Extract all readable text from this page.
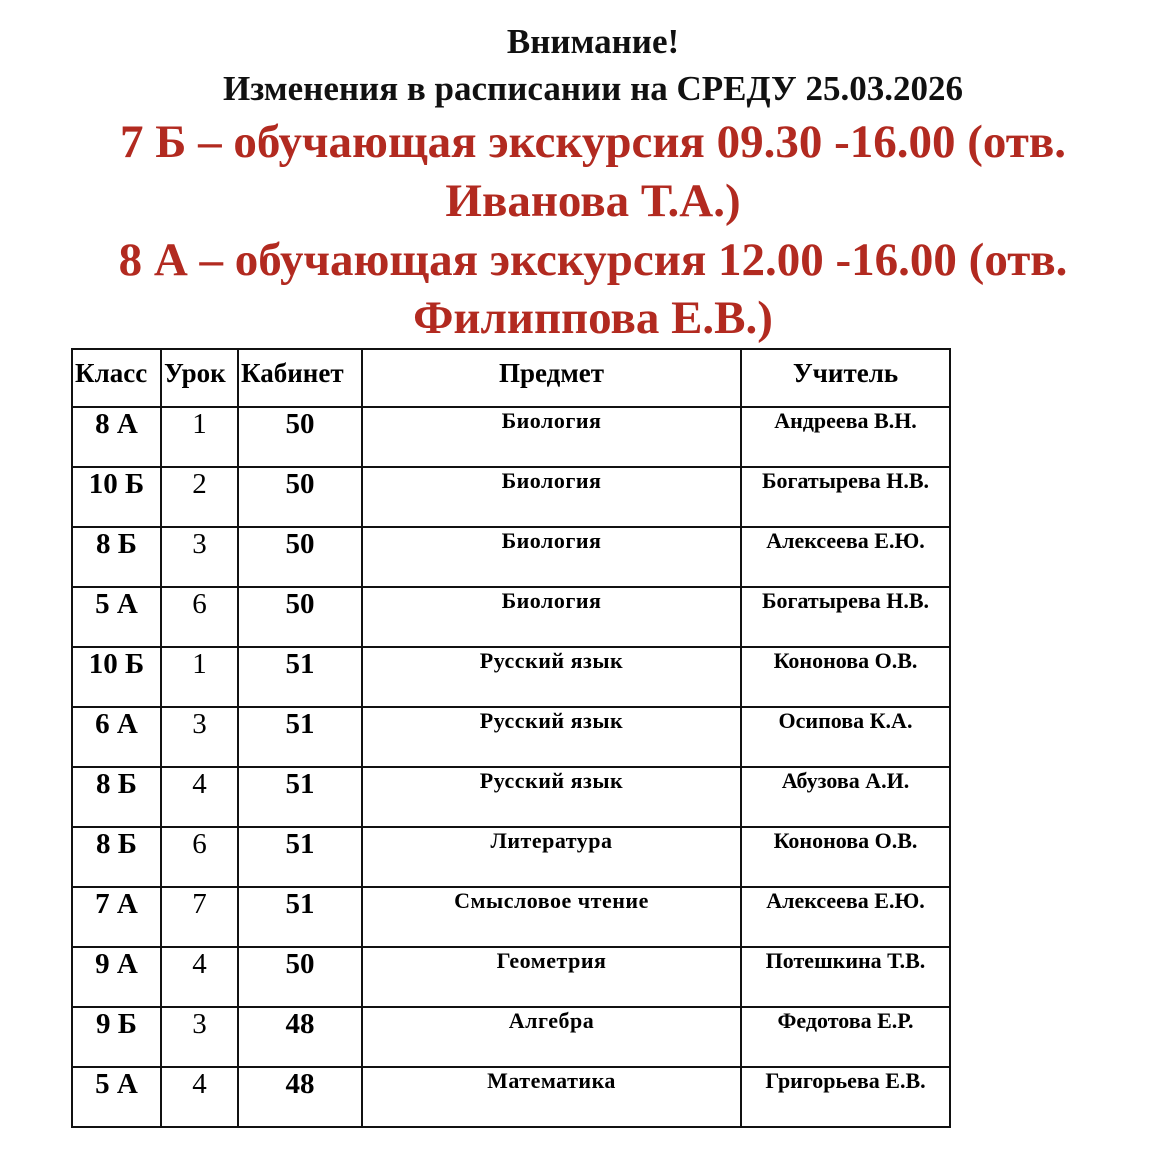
Внимание!
Изменения в расписании на СРЕДУ 25.03.2026
7 Б – обучающая экскурсия 09.30 -16.00 (отв.
Иванова Т.А.)
8 А – обучающая экскурсия 12.00 -16.00 (отв.
Филиппова Е.В.)
Класс	Урок	Кабинет	Предмет	Учитель
8 А	1	50	Биология	Андреева В.Н.
10 Б	2	50	Биология	Богатырева Н.В.
8 Б	3	50	Биология	Алексеева Е.Ю.
5 А	6	50	Биология	Богатырева Н.В.
10 Б	1	51	Русский язык	Кононова О.В.
6 А	3	51	Русский язык	Осипова К.А.
8 Б	4	51	Русский язык	Абузова А.И.
8 Б	6	51	Литература	Кононова О.В.
7 А	7	51	Смысловое чтение	Алексеева Е.Ю.
9 А	4	50	Геометрия	Потешкина Т.В.
9 Б	3	48	Алгебра	Федотова Е.Р.
5 А	4	48	Математика	Григорьева Е.В.
